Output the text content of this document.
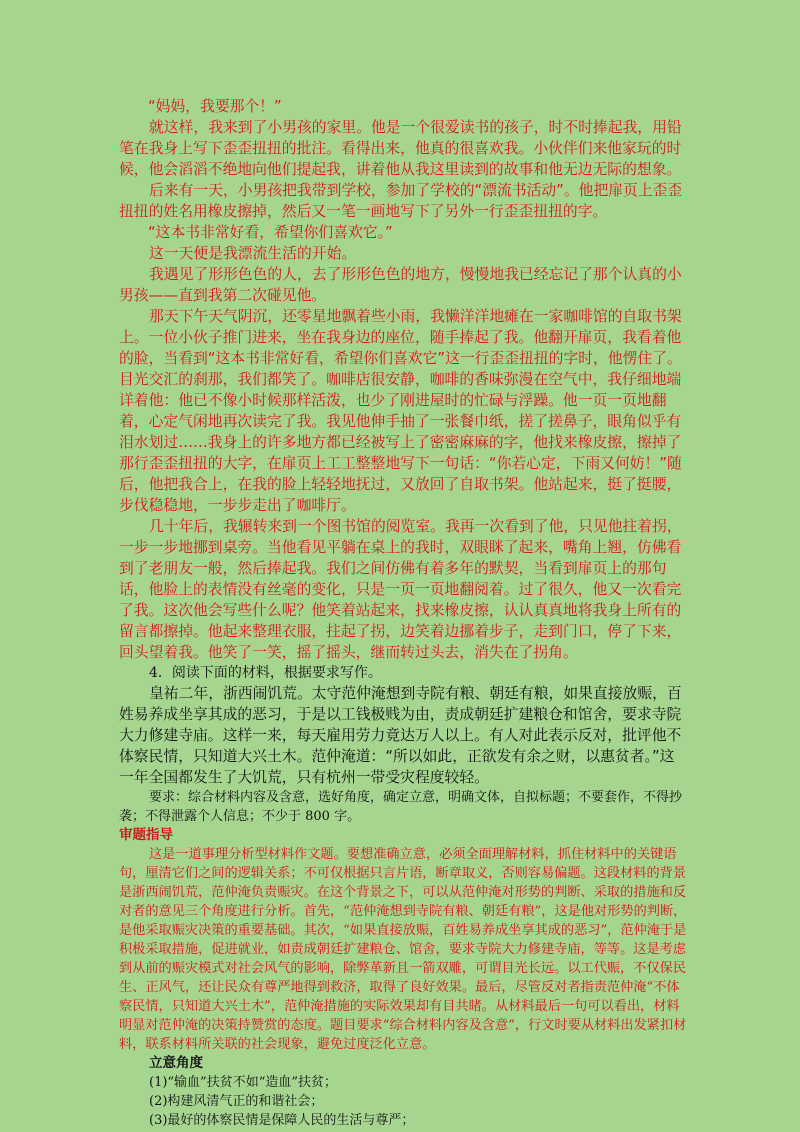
“妈妈，我要那个！”

就这样，我来到了小男孩的家里。他是一个很爱读书的孩子，时不时捧起我，用铅笔在我身上写下歪歪扭扭的批注。看得出来，他真的很喜欢我。小伙伴们来他家玩的时候，他会滔滔不绝地向他们提起我，讲着他从我这里读到的故事和他无边无际的想象。

后来有一天，小男孩把我带到学校，参加了学校的“漂流书活动”。他把扉页上歪歪扭扭的姓名用橡皮擦掉，然后又一笔一画地写下了另外一行歪歪扭扭的字。

“这本书非常好看，希望你们喜欢它。”

这一天便是我漂流生活的开始。

我遇见了形形色色的人，去了形形色色的地方，慢慢地我已经忘记了那个认真的小男孩——直到我第二次碰见他。

那天下午天气阴沉，还零星地飘着些小雨，我懒洋洋地瘫在一家咖啡馆的自取书架上。一位小伙子推门进来，坐在我身边的座位，随手捧起了我。他翻开扉页，我看着他的脸，当看到“这本书非常好看，希望你们喜欢它”这一行歪歪扭扭的字时，他愣住了。目光交汇的刹那，我们都笑了。咖啡店很安静，咖啡的香味弥漫在空气中，我仔细地端详着他：他已不像小时候那样活泼，也少了刚进屋时的忙碌与浮躁。他一页一页地翻着，心定气闲地再次读完了我。我见他伸手抽了一张餐巾纸，搓了搓鼻子，眼角似乎有泪水划过……我身上的许多地方都已经被写上了密密麻麻的字，他找来橡皮擦，擦掉了那行歪歪扭扭的大字，在扉页上工工整整地写下一句话：“你若心定，下雨又何妨！”随后，他把我合上，在我的脸上轻轻地抚过，又放回了自取书架。他站起来，挺了挺腰，步伐稳稳地，一步步走出了咖啡厅。

几十年后，我辗转来到一个图书馆的阅览室。我再一次看到了他，只见他拄着拐，一步一步地挪到桌旁。当他看见平躺在桌上的我时，双眼眯了起来，嘴角上翘，仿佛看到了老朋友一般，然后捧起我。我们之间仿佛有着多年的默契，当看到扉页上的那句话，他脸上的表情没有丝毫的变化，只是一页一页地翻阅着。过了很久，他又一次看完了我。这次他会写些什么呢？他笑着站起来，找来橡皮擦，认认真真地将我身上所有的留言都擦掉。他起来整理衣服，拄起了拐，边笑着边挪着步子，走到门口，停了下来，回头望着我。他笑了一笑，摇了摇头，继而转过头去，消失在了拐角。

4．阅读下面的材料，根据要求写作。

皇祐二年，浙西闹饥荒。太守范仲淹想到寺院有粮、朝廷有粮，如果直接放赈，百姓易养成坐享其成的恶习，于是以工钱极贱为由，责成朝廷扩建粮仓和馆舍，要求寺院大力修建寺庙。这样一来，每天雇用劳力竟达万人以上。有人对此表示反对，批评他不体察民情，只知道大兴土木。范仲淹道：“所以如此，正欲发有余之财，以惠贫者。”这一年全国都发生了大饥荒，只有杭州一带受灾程度较轻。

要求：综合材料内容及含意，选好角度，确定立意，明确文体，自拟标题；不要套作，不得抄袭；不得泄露个人信息；不少于 800 字。

审题指导

这是一道事理分析型材料作文题。要想准确立意，必须全面理解材料，抓住材料中的关键语句，厘清它们之间的逻辑关系；不可仅根据只言片语，断章取义，否则容易偏题。这段材料的背景是浙西闹饥荒，范仲淹负责赈灾。在这个背景之下，可以从范仲淹对形势的判断、采取的措施和反对者的意见三个角度进行分析。首先，“范仲淹想到寺院有粮、朝廷有粮”，这是他对形势的判断，是他采取赈灾决策的重要基础。其次，“如果直接放赈，百姓易养成坐享其成的恶习”，范仲淹于是积极采取措施，促进就业，如责成朝廷扩建粮仓、馆舍，要求寺院大力修建寺庙，等等。这是考虑到从前的赈灾模式对社会风气的影响，除弊革新且一箭双雕，可谓目光长远。以工代赈，不仅保民生、正风气，还让民众有尊严地得到救济，取得了良好效果。最后，尽管反对者指责范仲淹“不体察民情，只知道大兴土木”，范仲淹措施的实际效果却有目共睹。从材料最后一句可以看出，材料明显对范仲淹的决策持赞赏的态度。题目要求“综合材料内容及含意”，行文时要从材料出发紧扣材料，联系材料所关联的社会现象，避免过度泛化立意。

立意角度

(1)“输血”扶贫不如“造血”扶贫；

(2)构建风清气正的和谐社会；

(3)最好的体察民情是保障人民的生活与尊严；
